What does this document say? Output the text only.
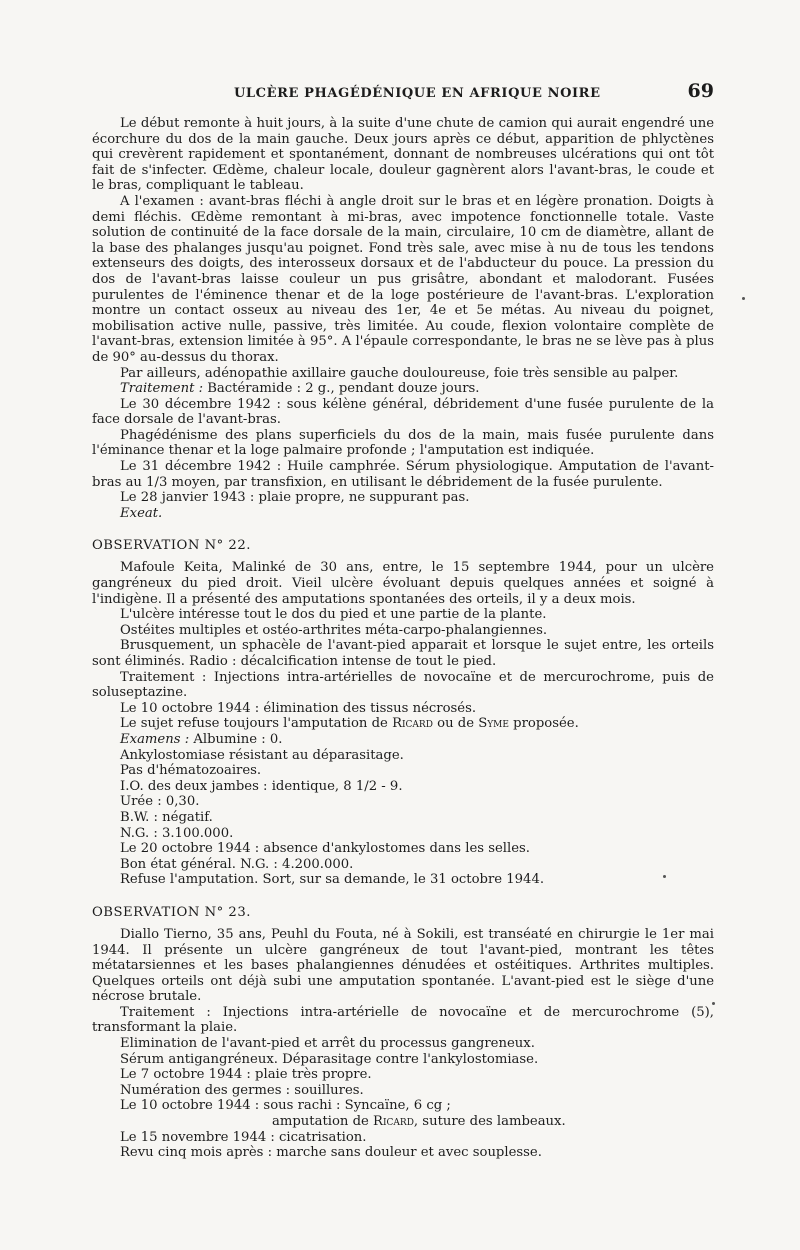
ULCÈRE PHAGÉDÉNIQUE EN AFRIQUE NOIRE	69

Le début remonte à huit jours, à la suite d'une chute de camion qui aurait engendré une écorchure du dos de la main gauche. Deux jours après ce début, apparition de phlyctènes qui crevèrent rapidement et spontanément, donnant de nombreuses ulcérations qui ont tôt fait de s'infecter. Œdème, chaleur locale, douleur gagnèrent alors l'avant-bras, le coude et le bras, compliquant le tableau.

A l'examen : avant-bras fléchi à angle droit sur le bras et en légère pronation. Doigts à demi fléchis. Œdème remontant à mi-bras, avec impotence fonctionnelle totale. Vaste solution de continuité de la face dorsale de la main, circulaire, 10 cm de diamètre, allant de la base des phalanges jusqu'au poignet. Fond très sale, avec mise à nu de tous les tendons extenseurs des doigts, des interosseux dorsaux et de l'abducteur du pouce. La pression du dos de l'avant-bras laisse couleur un pus grisâtre, abondant et malodorant. Fusées purulentes de l'éminence thenar et de la loge postérieure de l'avant-bras. L'exploration montre un contact osseux au niveau des 1er, 4e et 5e métas. Au niveau du poignet, mobilisation active nulle, passive, très limitée. Au coude, flexion volontaire complète de l'avant-bras, extension limitée à 95°. A l'épaule correspondante, le bras ne se lève pas à plus de 90° au-dessus du thorax.

Par ailleurs, adénopathie axillaire gauche douloureuse, foie très sensible au palper.

Traitement : Bactéramide : 2 g., pendant douze jours.

Le 30 décembre 1942 : sous kélène général, débridement d'une fusée purulente de la face dorsale de l'avant-bras.

Phagédénisme des plans superficiels du dos de la main, mais fusée purulente dans l'éminance thenar et la loge palmaire profonde ; l'amputation est indiquée.

Le 31 décembre 1942 : Huile camphrée. Sérum physiologique. Amputation de l'avant-bras au 1/3 moyen, par transfixion, en utilisant le débridement de la fusée purulente.

Le 28 janvier 1943 : plaie propre, ne suppurant pas.

Exeat.

OBSERVATION N° 22.

Mafoule Keita, Malinké de 30 ans, entre, le 15 septembre 1944, pour un ulcère gangréneux du pied droit. Vieil ulcère évoluant depuis quelques années et soigné à l'indigène. Il a présenté des amputations spontanées des orteils, il y a deux mois.

L'ulcère intéresse tout le dos du pied et une partie de la plante.

Ostéites multiples et ostéo-arthrites méta-carpo-phalangiennes.

Brusquement, un sphacèle de l'avant-pied apparait et lorsque le sujet entre, les orteils sont éliminés. Radio : décalcification intense de tout le pied.

Traitement : Injections intra-artérielles de novocaïne et de mercurochrome, puis de soluseptazine.

Le 10 octobre 1944 : élimination des tissus nécrosés.

Le sujet refuse toujours l'amputation de Ricard ou de Syme proposée.

Examens : Albumine : 0.

Ankylostomiase résistant au déparasitage.

Pas d'hématozoaires.

I.O. des deux jambes : identique, 8 1/2 - 9.

Urée : 0,30.

B.W. : négatif.

N.G. : 3.100.000.

Le 20 octobre 1944 : absence d'ankylostomes dans les selles.

Bon état général. N.G. : 4.200.000.

Refuse l'amputation. Sort, sur sa demande, le 31 octobre 1944.

OBSERVATION N° 23.

Diallo Tierno, 35 ans, Peuhl du Fouta, né à Sokili, est transéaté en chirurgie le 1er mai 1944. Il présente un ulcère gangréneux de tout l'avant-pied, montrant les têtes métatarsiennes et les bases phalangiennes dénudées et ostéitiques. Arthrites multiples. Quelques orteils ont déjà subi une amputation spontanée. L'avant-pied est le siège d'une nécrose brutale.

Traitement : Injections intra-artérielle de novocaïne et de mercurochrome (5), transformant la plaie.

Elimination de l'avant-pied et arrêt du processus gangreneux.

Sérum antigangréneux. Déparasitage contre l'ankylostomiase.

Le 7 octobre 1944 : plaie très propre.

Numération des germes : souillures.

Le 10 octobre 1944 : sous rachi : Syncaïne, 6 cg ;

amputation de Ricard, suture des lambeaux.

Le 15 novembre 1944 : cicatrisation.

Revu cinq mois après : marche sans douleur et avec souplesse.
